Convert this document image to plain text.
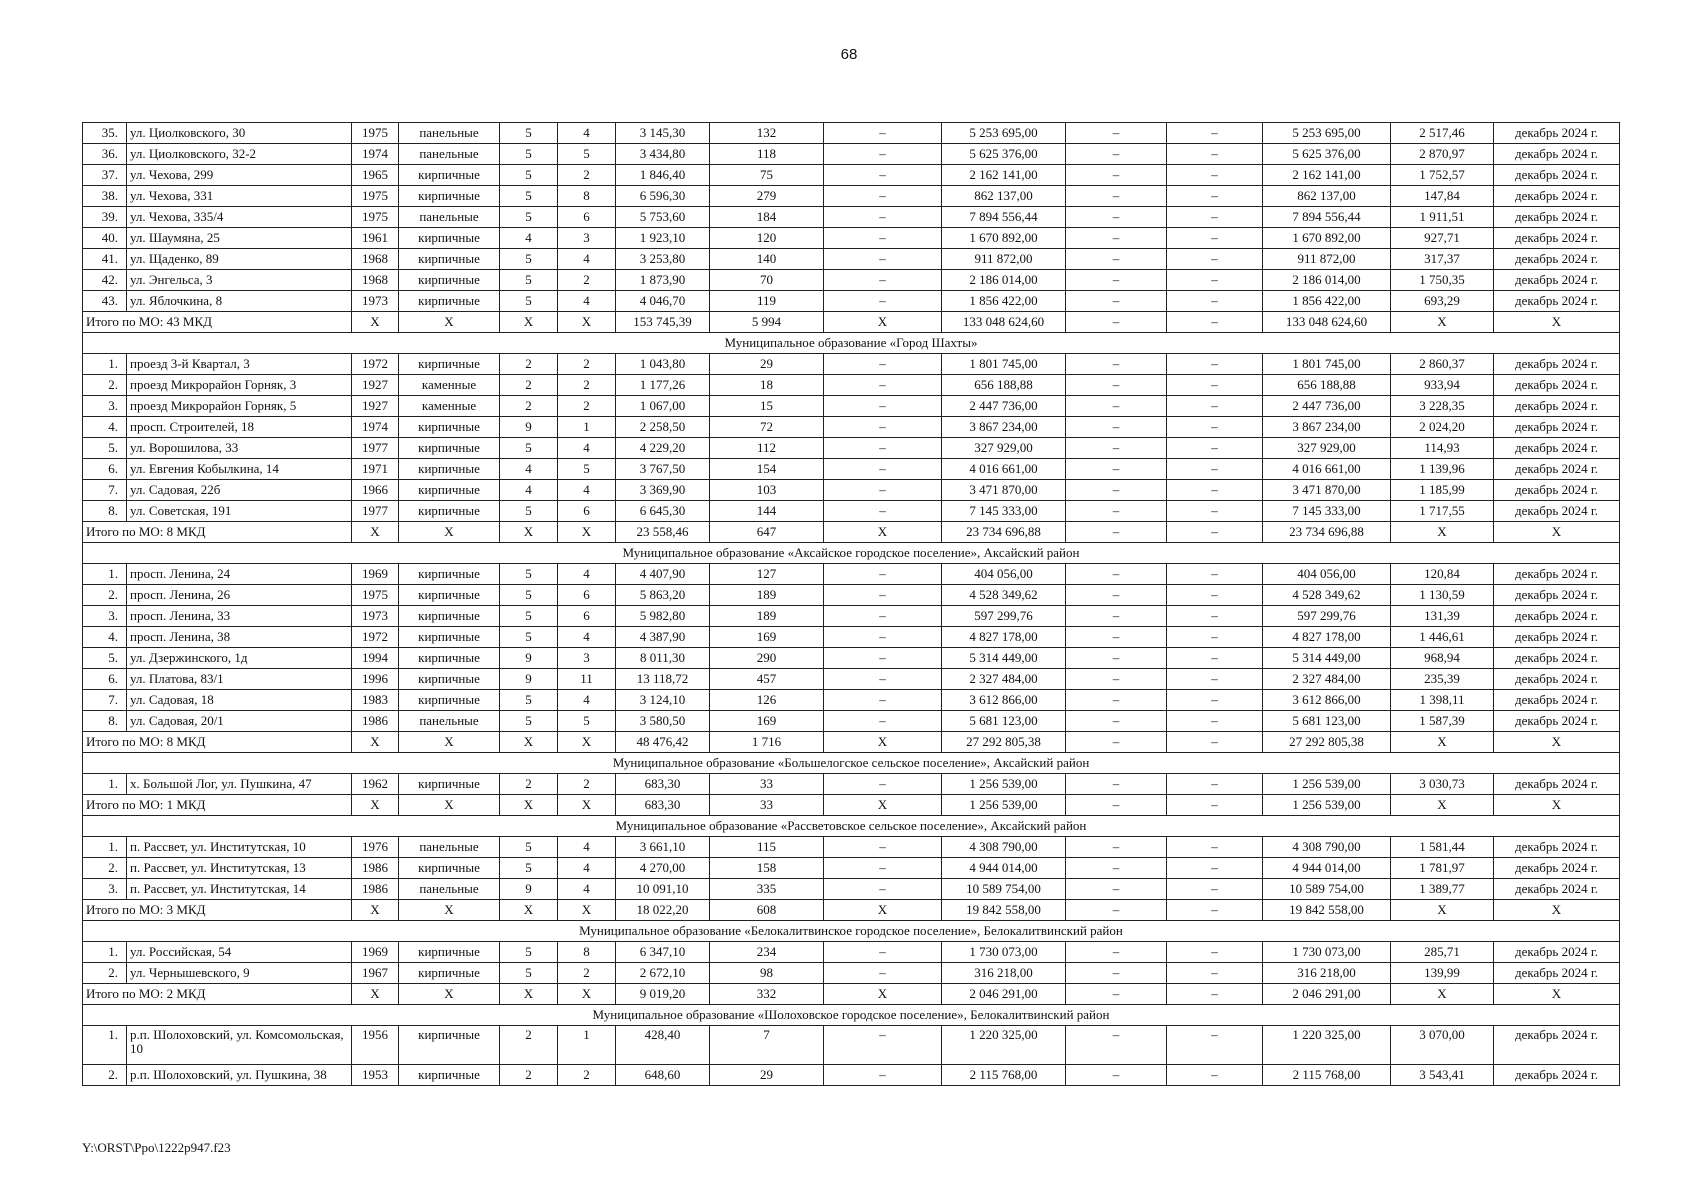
68
35.	ул. Циолковского, 30	1975	панельные	5	4	3 145,30	132	–	5 253 695,00	–	–	5 253 695,00	2 517,46	декабрь 2024 г.
36.	ул. Циолковского, 32-2	1974	панельные	5	5	3 434,80	118	–	5 625 376,00	–	–	5 625 376,00	2 870,97	декабрь 2024 г.
37.	ул. Чехова, 299	1965	кирпичные	5	2	1 846,40	75	–	2 162 141,00	–	–	2 162 141,00	1 752,57	декабрь 2024 г.
38.	ул. Чехова, 331	1975	кирпичные	5	8	6 596,30	279	–	862 137,00	–	–	862 137,00	147,84	декабрь 2024 г.
39.	ул. Чехова, 335/4	1975	панельные	5	6	5 753,60	184	–	7 894 556,44	–	–	7 894 556,44	1 911,51	декабрь 2024 г.
40.	ул. Шаумяна, 25	1961	кирпичные	4	3	1 923,10	120	–	1 670 892,00	–	–	1 670 892,00	927,71	декабрь 2024 г.
41.	ул. Щаденко, 89	1968	кирпичные	5	4	3 253,80	140	–	911 872,00	–	–	911 872,00	317,37	декабрь 2024 г.
42.	ул. Энгельса, 3	1968	кирпичные	5	2	1 873,90	70	–	2 186 014,00	–	–	2 186 014,00	1 750,35	декабрь 2024 г.
43.	ул. Яблочкина, 8	1973	кирпичные	5	4	4 046,70	119	–	1 856 422,00	–	–	1 856 422,00	693,29	декабрь 2024 г.
Итого по МО: 43 МКД		X	X	X	X	153 745,39	5 994	X	133 048 624,60	–	–	133 048 624,60	X	X
Муниципальное образование «Город Шахты»														
1.	проезд 3-й Квартал, 3	1972	кирпичные	2	2	1 043,80	29	–	1 801 745,00	–	–	1 801 745,00	2 860,37	декабрь 2024 г.
2.	проезд Микрорайон Горняк, 3	1927	каменные	2	2	1 177,26	18	–	656 188,88	–	–	656 188,88	933,94	декабрь 2024 г.
3.	проезд Микрорайон Горняк, 5	1927	каменные	2	2	1 067,00	15	–	2 447 736,00	–	–	2 447 736,00	3 228,35	декабрь 2024 г.
4.	просп. Строителей, 18	1974	кирпичные	9	1	2 258,50	72	–	3 867 234,00	–	–	3 867 234,00	2 024,20	декабрь 2024 г.
5.	ул. Ворошилова, 33	1977	кирпичные	5	4	4 229,20	112	–	327 929,00	–	–	327 929,00	114,93	декабрь 2024 г.
6.	ул. Евгения Кобылкина, 14	1971	кирпичные	4	5	3 767,50	154	–	4 016 661,00	–	–	4 016 661,00	1 139,96	декабрь 2024 г.
7.	ул. Садовая, 22б	1966	кирпичные	4	4	3 369,90	103	–	3 471 870,00	–	–	3 471 870,00	1 185,99	декабрь 2024 г.
8.	ул. Советская, 191	1977	кирпичные	5	6	6 645,30	144	–	7 145 333,00	–	–	7 145 333,00	1 717,55	декабрь 2024 г.
Итого по МО: 8 МКД		X	X	X	X	23 558,46	647	X	23 734 696,88	–	–	23 734 696,88	X	X
Муниципальное образование «Аксайское городское поселение», Аксайский район														
1.	просп. Ленина, 24	1969	кирпичные	5	4	4 407,90	127	–	404 056,00	–	–	404 056,00	120,84	декабрь 2024 г.
2.	просп. Ленина, 26	1975	кирпичные	5	6	5 863,20	189	–	4 528 349,62	–	–	4 528 349,62	1 130,59	декабрь 2024 г.
3.	просп. Ленина, 33	1973	кирпичные	5	6	5 982,80	189	–	597 299,76	–	–	597 299,76	131,39	декабрь 2024 г.
4.	просп. Ленина, 38	1972	кирпичные	5	4	4 387,90	169	–	4 827 178,00	–	–	4 827 178,00	1 446,61	декабрь 2024 г.
5.	ул. Дзержинского, 1д	1994	кирпичные	9	3	8 011,30	290	–	5 314 449,00	–	–	5 314 449,00	968,94	декабрь 2024 г.
6.	ул. Платова, 83/1	1996	кирпичные	9	11	13 118,72	457	–	2 327 484,00	–	–	2 327 484,00	235,39	декабрь 2024 г.
7.	ул. Садовая, 18	1983	кирпичные	5	4	3 124,10	126	–	3 612 866,00	–	–	3 612 866,00	1 398,11	декабрь 2024 г.
8.	ул. Садовая, 20/1	1986	панельные	5	5	3 580,50	169	–	5 681 123,00	–	–	5 681 123,00	1 587,39	декабрь 2024 г.
Итого по МО: 8 МКД		X	X	X	X	48 476,42	1 716	X	27 292 805,38	–	–	27 292 805,38	X	X
Муниципальное образование «Большелогское сельское поселение», Аксайский район														
1.	х. Большой Лог, ул. Пушкина, 47	1962	кирпичные	2	2	683,30	33	–	1 256 539,00	–	–	1 256 539,00	3 030,73	декабрь 2024 г.
Итого по МО: 1 МКД		X	X	X	X	683,30	33	X	1 256 539,00	–	–	1 256 539,00	X	X
Муниципальное образование «Рассветовское сельское поселение», Аксайский район														
1.	п. Рассвет, ул. Институтская, 10	1976	панельные	5	4	3 661,10	115	–	4 308 790,00	–	–	4 308 790,00	1 581,44	декабрь 2024 г.
2.	п. Рассвет, ул. Институтская, 13	1986	кирпичные	5	4	4 270,00	158	–	4 944 014,00	–	–	4 944 014,00	1 781,97	декабрь 2024 г.
3.	п. Рассвет, ул. Институтская, 14	1986	панельные	9	4	10 091,10	335	–	10 589 754,00	–	–	10 589 754,00	1 389,77	декабрь 2024 г.
Итого по МО: 3 МКД		X	X	X	X	18 022,20	608	X	19 842 558,00	–	–	19 842 558,00	X	X
Муниципальное образование «Белокалитвинское городское поселение», Белокалитвинский район														
1.	ул. Российская, 54	1969	кирпичные	5	8	6 347,10	234	–	1 730 073,00	–	–	1 730 073,00	285,71	декабрь 2024 г.
2.	ул. Чернышевского, 9	1967	кирпичные	5	2	2 672,10	98	–	316 218,00	–	–	316 218,00	139,99	декабрь 2024 г.
Итого по МО: 2 МКД		X	X	X	X	9 019,20	332	X	2 046 291,00	–	–	2 046 291,00	X	X
Муниципальное образование «Шолоховское городское поселение», Белокалитвинский район														
1.	р.п. Шолоховский, ул. Комсомольская, 10	1956	кирпичные	2	1	428,40	7	–	1 220 325,00	–	–	1 220 325,00	3 070,00	декабрь 2024 г.
2.	р.п. Шолоховский, ул. Пушкина, 38	1953	кирпичные	2	2	648,60	29	–	2 115 768,00	–	–	2 115 768,00	3 543,41	декабрь 2024 г.
Y:\ORST\Ppo\1222p947.f23
